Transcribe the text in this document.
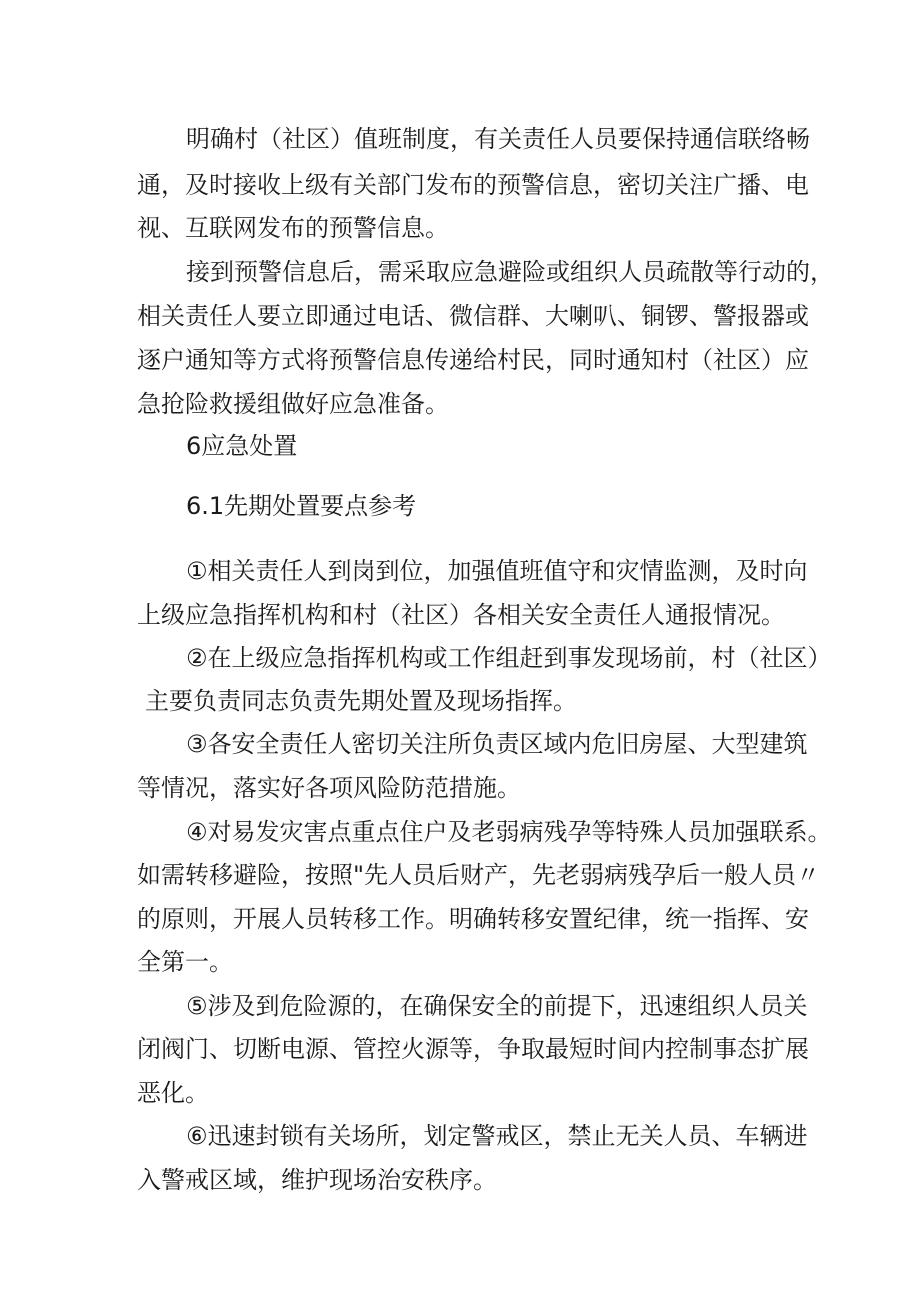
明确村（社区）值班制度，有关责任人员要保持通信联络畅
通，及时接收上级有关部门发布的预警信息，密切关注广播、电
视、互联网发布的预警信息。
接到预警信息后，需采取应急避险或组织人员疏散等行动的，
相关责任人要立即通过电话、微信群、大喇叭、铜锣、警报器或
逐户通知等方式将预警信息传递给村民，同时通知村（社区）应
急抢险救援组做好应急准备。
6应急处置
6.1先期处置要点参考
①相关责任人到岗到位，加强值班值守和灾情监测，及时向
上级应急指挥机构和村（社区）各相关安全责任人通报情况。
②在上级应急指挥机构或工作组赶到事发现场前，村（社区）
主要负责同志负责先期处置及现场指挥。
③各安全责任人密切关注所负责区域内危旧房屋、大型建筑
等情况，落实好各项风险防范措施。
④对易发灾害点重点住户及老弱病残孕等特殊人员加强联系。
如需转移避险，按照"先人员后财产，先老弱病残孕后一般人员〃
的原则，开展人员转移工作。明确转移安置纪律，统一指挥、安
全第一。
⑤涉及到危险源的，在确保安全的前提下，迅速组织人员关
闭阀门、切断电源、管控火源等，争取最短时间内控制事态扩展
恶化。
⑥迅速封锁有关场所，划定警戒区，禁止无关人员、车辆进
入警戒区域，维护现场治安秩序。
